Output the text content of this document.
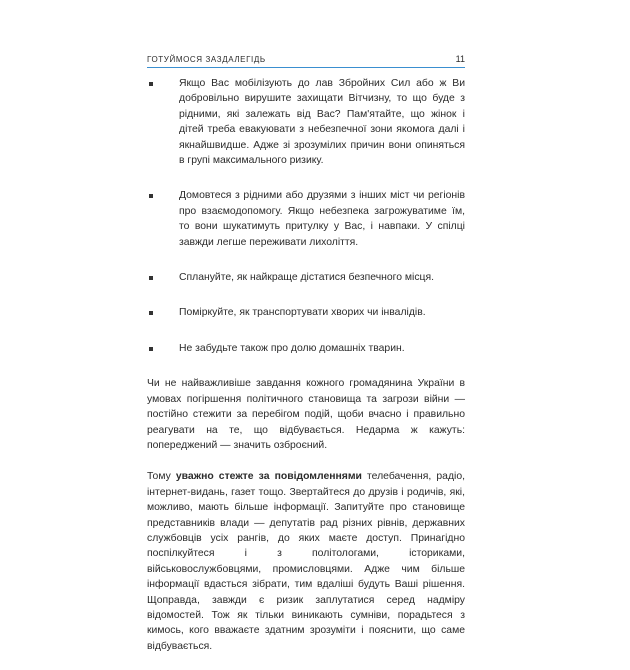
ГОТУЙМОСЯ ЗАЗДАЛЕГІДЬ	11
Якщо Вас мобілізують до лав Збройних Сил або ж Ви добровільно вирушите захищати Вітчизну, то що буде з рідними, які залежать від Вас? Пам'ятайте, що жінок і дітей треба евакуювати з небезпечної зони якомога далі і якнайшвидше. Адже зі зрозумілих причин вони опиняться в групі максимального ризику.
Домовтеся з рідними або друзями з інших міст чи регіонів про взаємодопомогу. Якщо небезпека загрожуватиме їм, то вони шукатимуть притулку у Вас, і навпаки. У спілці завжди легше переживати лихоліття.
Сплануйте, як найкраще дістатися безпечного місця.
Поміркуйте, як транспортувати хворих чи інвалідів.
Не забудьте також про долю домашніх тварин.

Чи не найважливіше завдання кожного громадянина України в умовах погіршення політичного становища та загрози війни — постійно стежити за перебігом подій, щоби вчасно і правильно реагувати на те, що відбувається. Недарма ж кажуть: попереджений — значить озброєний.

Тому уважно стежте за повідомленнями телебачення, радіо, інтернет-видань, газет тощо. Звертайтеся до друзів і родичів, які, можливо, мають більше інформації. Запитуйте про становище представників влади — депутатів рад різних рівнів, державних службовців усіх рангів, до яких маєте доступ. Принагідно поспілкуйтеся і з політологами, істориками, військовослужбовцями, промисловцями. Адже чим більше інформації вдасться зібрати, тим вдаліші будуть Ваші рішення. Щоправда, завжди є ризик заплутатися серед надміру відомостей. Тож як тільки виникають сумніви, порадьтеся з кимось, кого вважаєте здатним зрозуміти і пояснити, що саме відбувається.
